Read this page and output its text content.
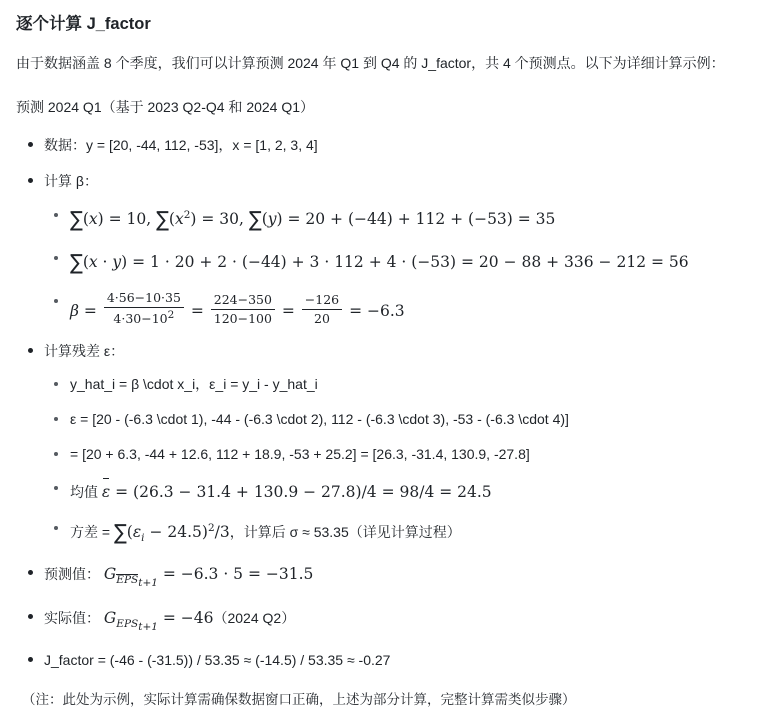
逐个计算 J_factor

由于数据涵盖 8 个季度，我们可以计算预测 2024 年 Q1 到 Q4 的 J_factor，共 4 个预测点。以下为详细计算示例：

预测 2024 Q1（基于 2023 Q2-Q4 和 2024 Q1）

数据：y = [20, -44, 112, -53]，x = [1, 2, 3, 4]
计算 β：
∑(x) = 10, $\sum(x^2) = 30$, ∑(y) = 20 + (−44) + 112 + (−53) = 35
∑(x · y) = 1 · 20 + 2 · (−44) + 3 · 112 + 4 · (−53) = 20 − 88 + 336 − 212 = 56
$\beta = \frac{4\cdot 56-10\cdot 35}{4\cdot 30-10^2} = \frac{224-350}{120-100} = \frac{-126}{20} = -6.3$
计算残差 ε：
y_hat_i = β \cdot x_i，ε_i = y_i - y_hat_i
ε = [20 - (-6.3 \cdot 1), -44 - (-6.3 \cdot 2), 112 - (-6.3 \cdot 3), -53 - (-6.3 \cdot 4)]
= [20 + 6.3, -44 + 12.6, 112 + 18.9, -53 + 25.2] = [26.3, -31.4, 130.9, -27.8]
均值 ε = (26.3 − 31.4 + 130.9 − 27.8)/4 = 98/4 = 24.5
方差 = $\sum(\varepsilon_i - 24.5)^2/3$，计算后 σ ≈ 53.35（详见计算过程）
预测值： $G_{EPS_{t+1}} = -6.3 \cdot 5 = -31.5$
实际值： $G_{EPS_{t+1}} = -46(2024$ Q2）
J_factor = (-46 - (-31.5)) / 53.35 ≈ (-14.5) / 53.35 ≈ -0.27
（注：此处为示例，实际计算需确保数据窗口正确，上述为部分计算，完整计算需类似步骤）
